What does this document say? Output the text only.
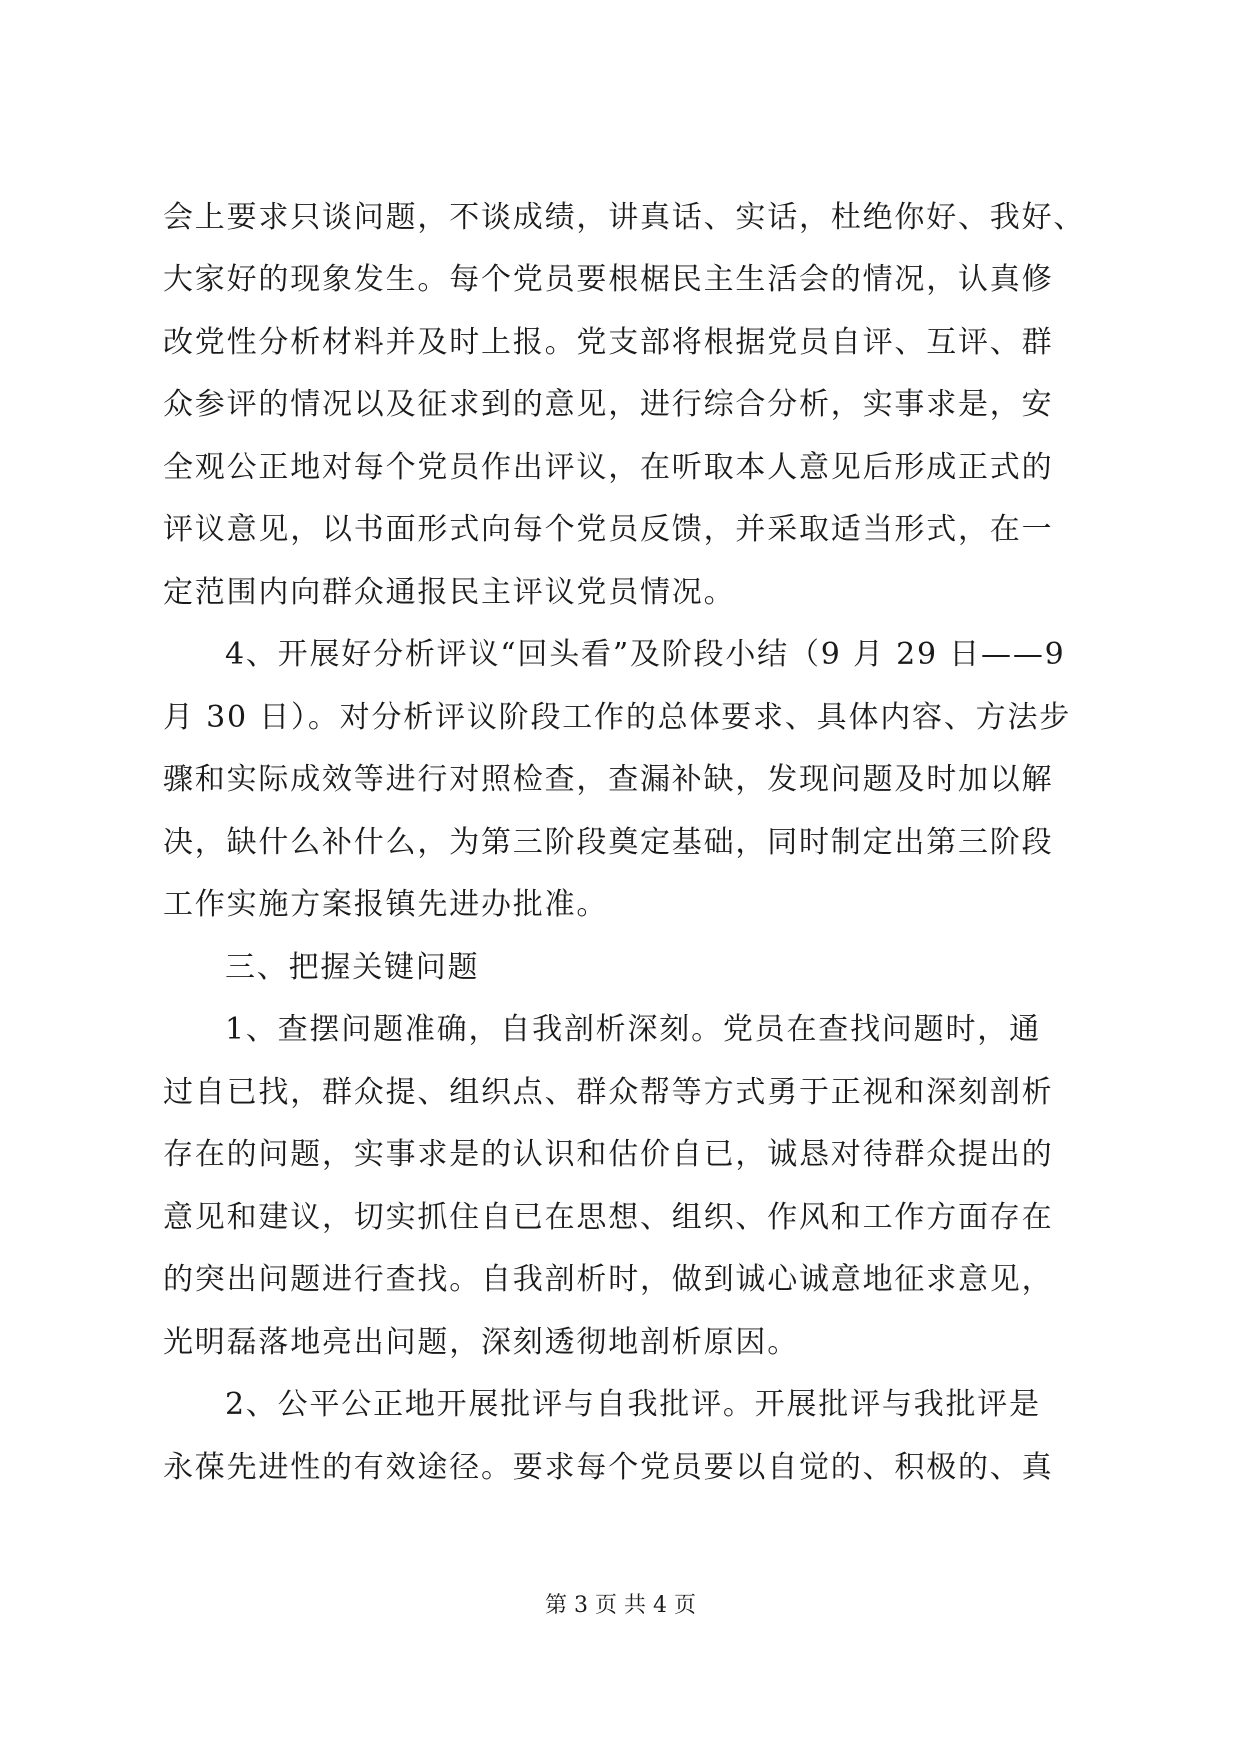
会上要求只谈问题，不谈成绩，讲真话、实话，杜绝你好、我好、
大家好的现象发生。每个党员要根椐民主生活会的情况，认真修
改党性分析材料并及时上报。党支部将根据党员自评、互评、群
众参评的情况以及征求到的意见，进行综合分析，实事求是，安
全观公正地对每个党员作出评议，在听取本人意见后形成正式的
评议意见，以书面形式向每个党员反馈，并采取适当形式，在一
定范围内向群众通报民主评议党员情况。
4、开展好分析评议“回头看”及阶段小结（9 月 29 日——9
月 30 日）。对分析评议阶段工作的总体要求、具体内容、方法步
骤和实际成效等进行对照检查，查漏补缺，发现问题及时加以解
决，缺什么补什么，为第三阶段奠定基础，同时制定出第三阶段
工作实施方案报镇先进办批准。
三、把握关键问题
1、查摆问题准确，自我剖析深刻。党员在查找问题时，通
过自已找，群众提、组织点、群众帮等方式勇于正视和深刻剖析
存在的问题，实事求是的认识和估价自已，诚恳对待群众提出的
意见和建议，切实抓住自已在思想、组织、作风和工作方面存在
的突出问题进行查找。自我剖析时，做到诚心诚意地征求意见，
光明磊落地亮出问题，深刻透彻地剖析原因。
2、公平公正地开展批评与自我批评。开展批评与我批评是
永葆先进性的有效途径。要求每个党员要以自觉的、积极的、真
第 3 页 共 4 页
